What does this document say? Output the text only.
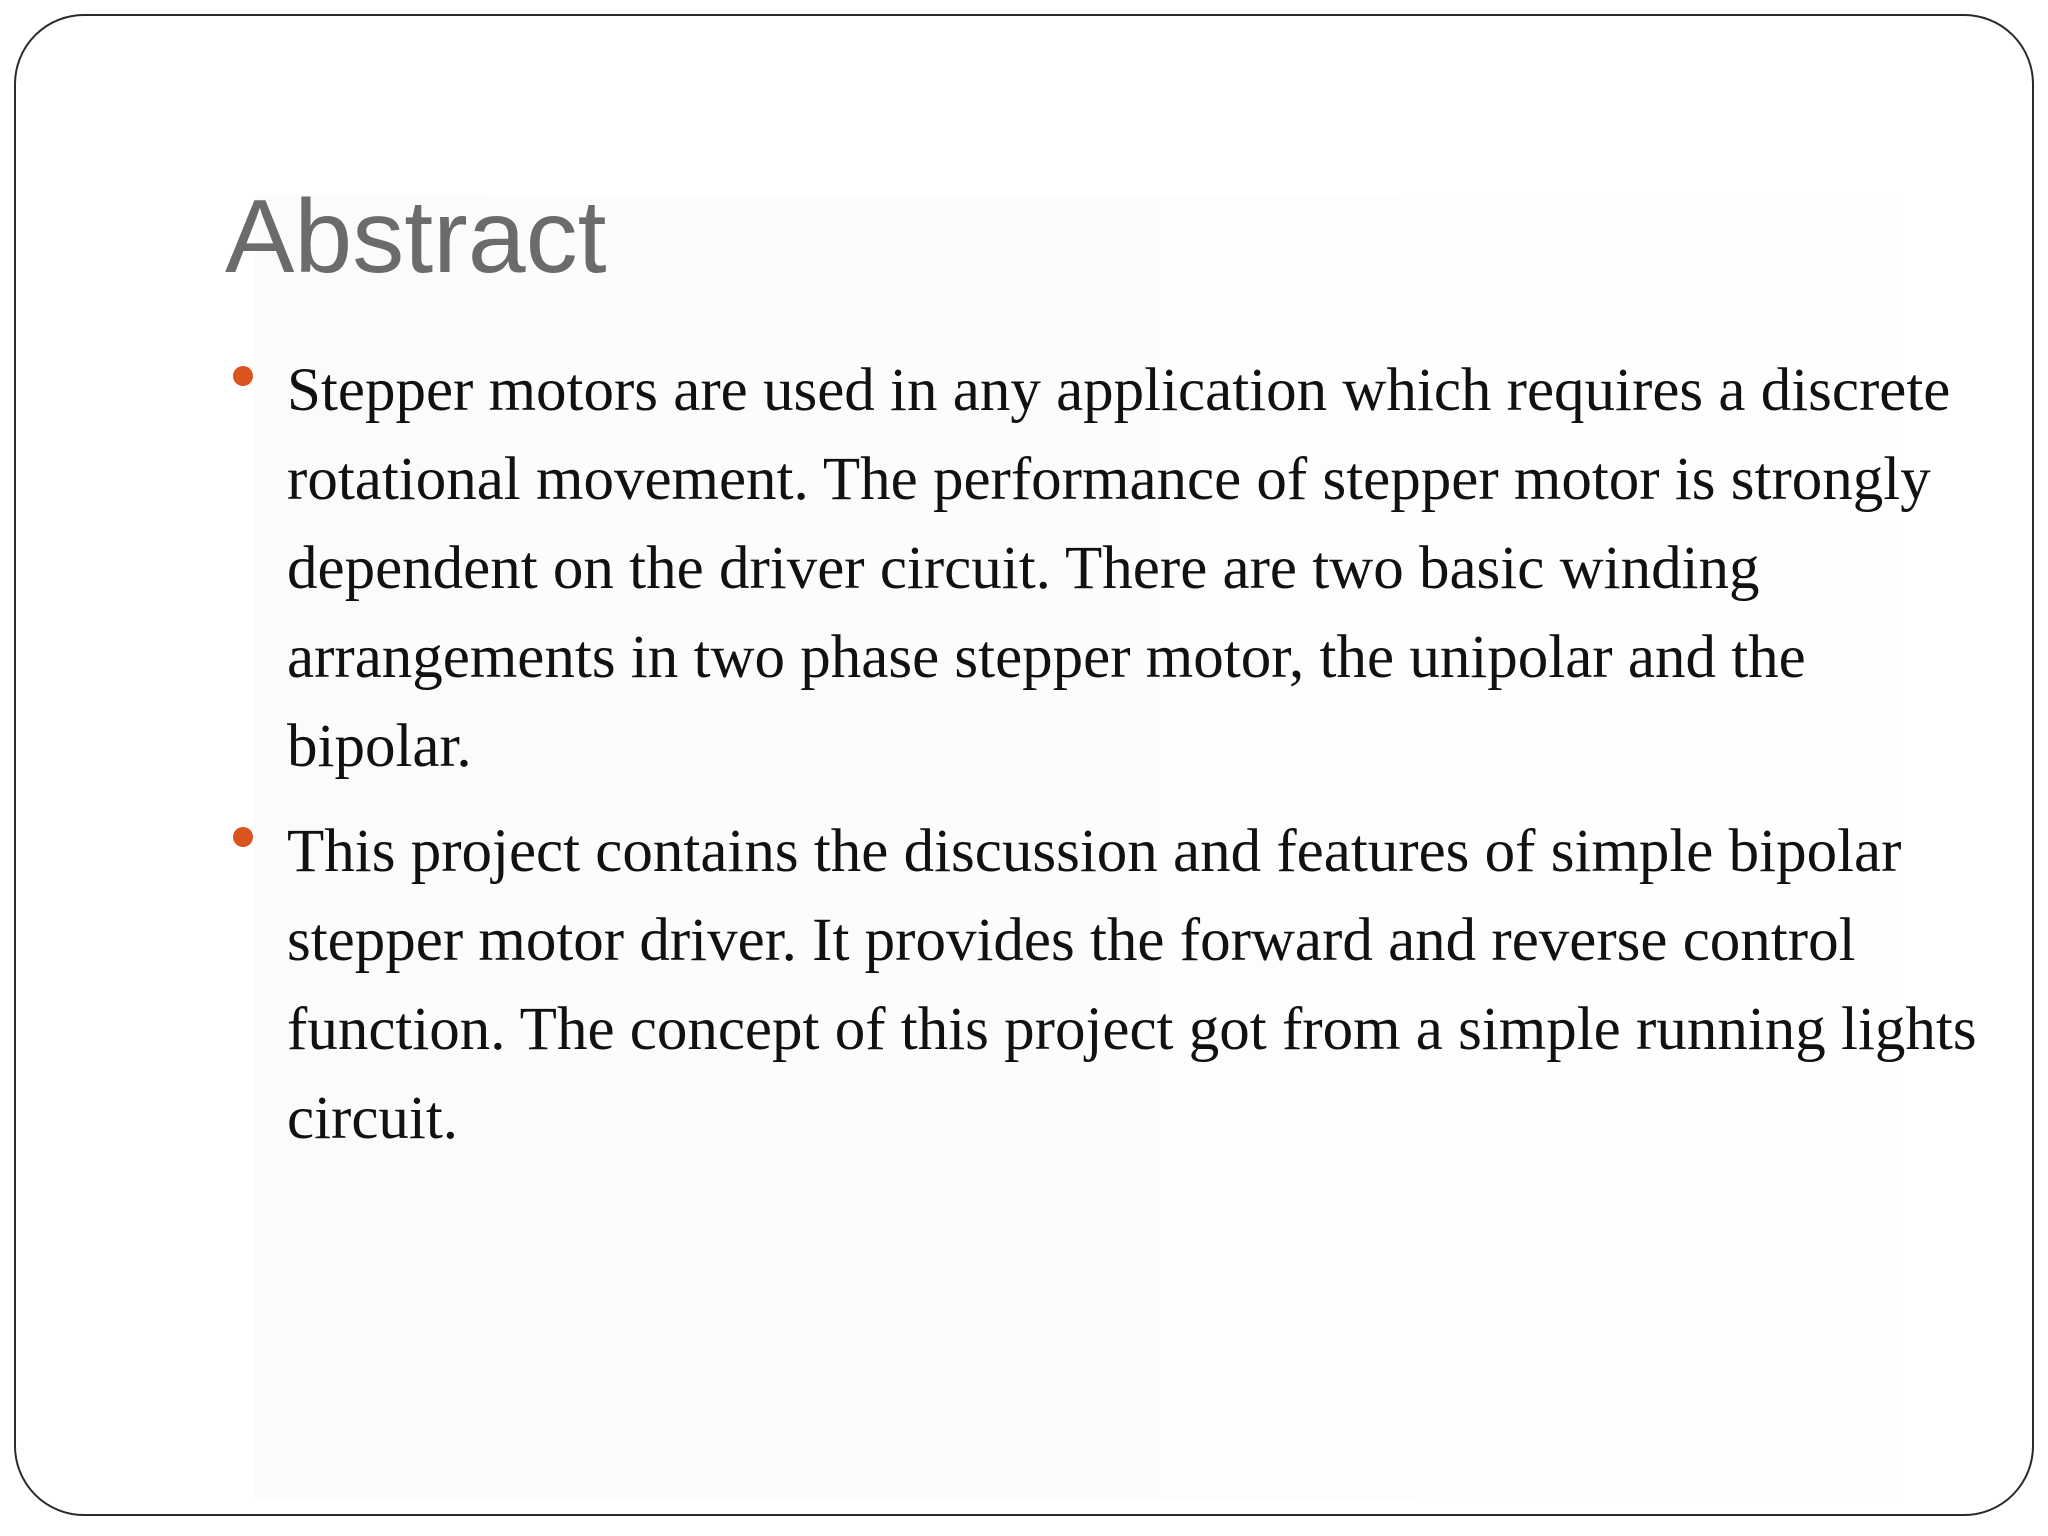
Abstract
Stepper motors are used in any application which requires a discrete rotational movement. The performance of stepper motor is strongly dependent on the driver circuit. There are two basic winding arrangements in two phase stepper motor, the unipolar and the bipolar.
This project contains the discussion and features of simple bipolar stepper motor driver. It provides the forward and reverse control function. The concept of this project got from a simple running lights circuit.
